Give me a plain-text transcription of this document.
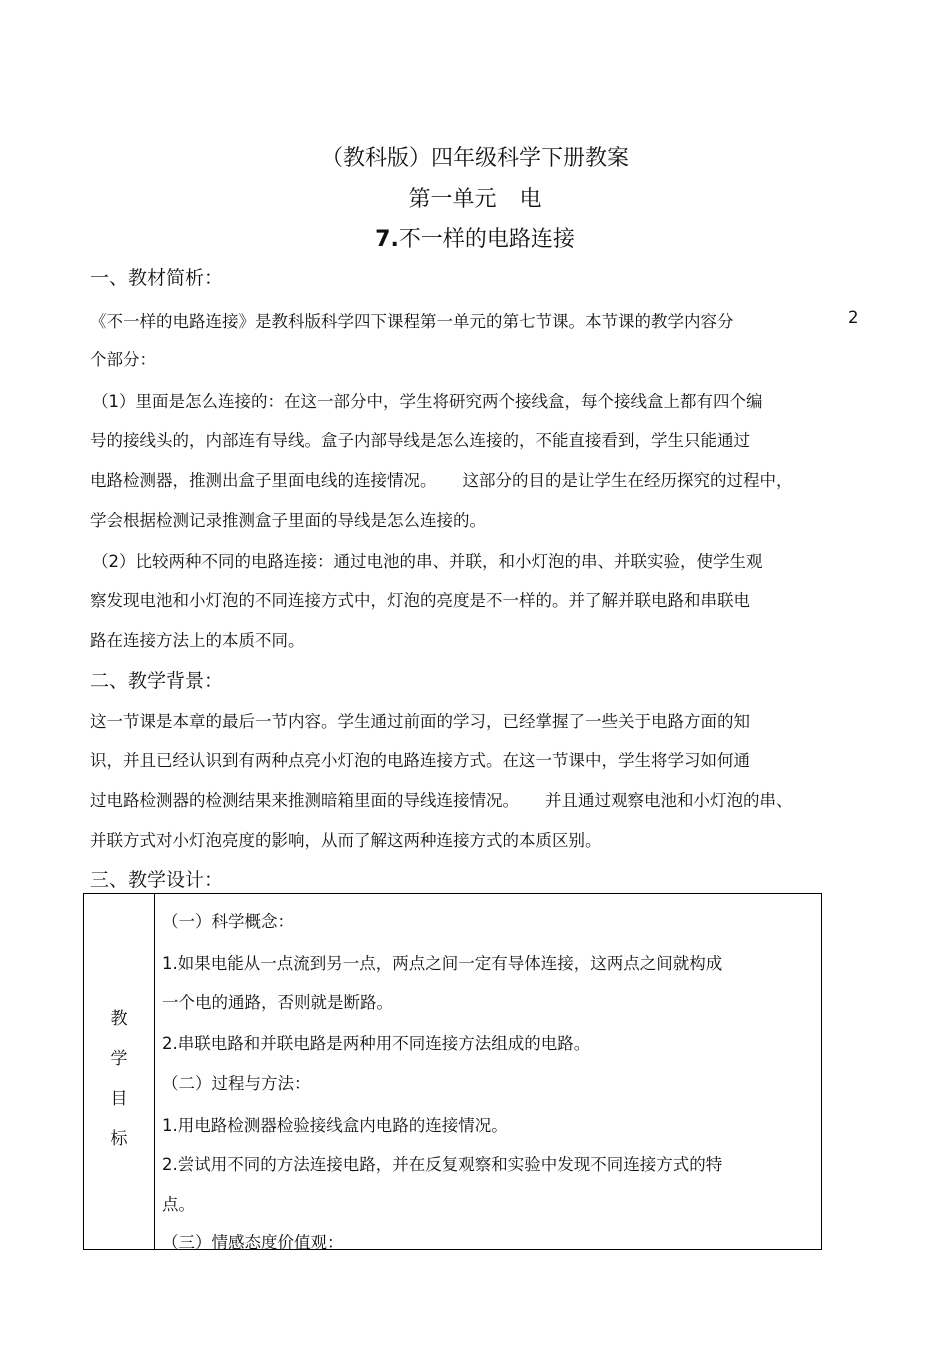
（教科版）四年级科学下册教案
第一单元 电
7.不一样的电路连接
一、教材简析：
《不一样的电路连接》是教科版科学四下课程第一单元的第七节课。本节课的教学内容分	2
个部分：
（1）里面是怎么连接的：在这一部分中，学生将研究两个接线盒，每个接线盒上都有四个编
号的接线头的，内部连有导线。盒子内部导线是怎么连接的，不能直接看到，学生只能通过
电路检测器，推测出盒子里面电线的连接情况。 这部分的目的是让学生在经历探究的过程中，
学会根据检测记录推测盒子里面的导线是怎么连接的。
（2）比较两种不同的电路连接：通过电池的串、并联，和小灯泡的串、并联实验，使学生观
察发现电池和小灯泡的不同连接方式中，灯泡的亮度是不一样的。并了解并联电路和串联电
路在连接方法上的本质不同。
二、教学背景：
这一节课是本章的最后一节内容。学生通过前面的学习，已经掌握了一些关于电路方面的知
识，并且已经认识到有两种点亮小灯泡的电路连接方式。在这一节课中，学生将学习如何通
过电路检测器的检测结果来推测暗箱里面的导线连接情况。 并且通过观察电池和小灯泡的串、
并联方式对小灯泡亮度的影响，从而了解这两种连接方式的本质区别。
三、教学设计：
教
学
目
标
（一）科学概念：
1.如果电能从一点流到另一点，两点之间一定有导体连接，这两点之间就构成
一个电的通路，否则就是断路。
2.串联电路和并联电路是两种用不同连接方法组成的电路。
（二）过程与方法：
1.用电路检测器检验接线盒内电路的连接情况。
2.尝试用不同的方法连接电路，并在反复观察和实验中发现不同连接方式的特
点。
（三）情感态度价值观：
